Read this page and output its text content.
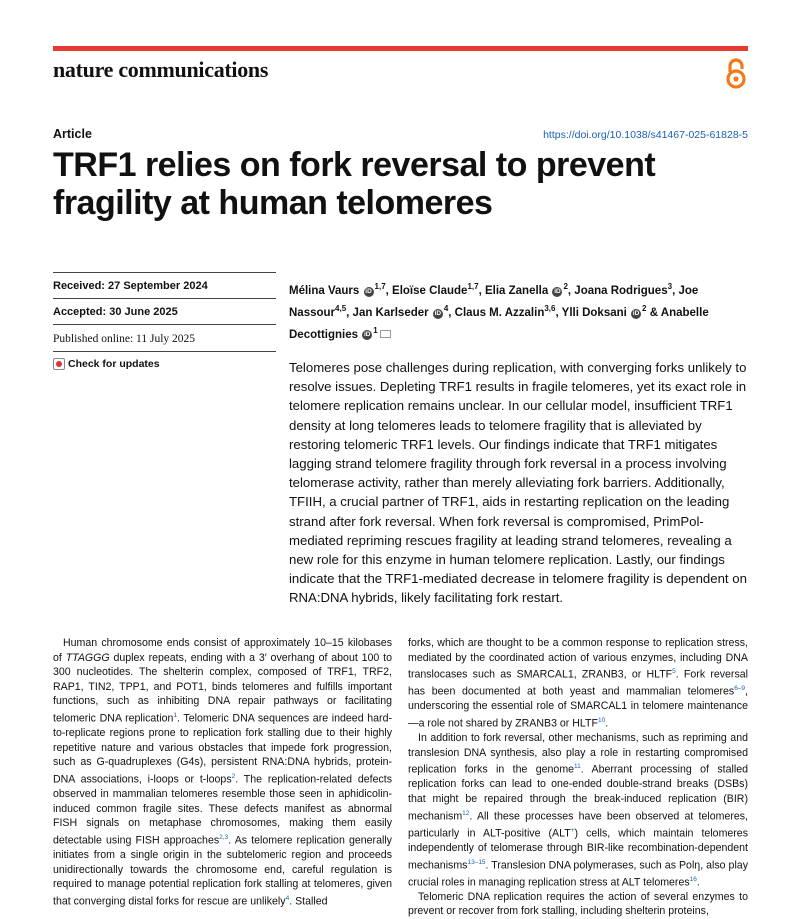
nature communications
Article	https://doi.org/10.1038/s41467-025-61828-5
TRF1 relies on fork reversal to prevent fragility at human telomeres
Received: 27 September 2024
Accepted: 30 June 2025
Published online: 11 July 2025
Check for updates
Mélina Vaurs iD$^{1,7}$, Eloïse Claude$^{1,7}$, Elia Zanella $iD^2$, Joana Rodrigues$^3$, Joe Nassour$^{4,5}$, Jan Karlseder $iD^4$, Claus M. Azzalin$^{3,6}$, Ylli Doksani $iD^2$ & Anabelle Decottignies $iD^1$

Telomeres pose challenges during replication, with converging forks unlikely to resolve issues. Depleting TRF1 results in fragile telomeres, yet its exact role in telomere replication remains unclear. In our cellular model, insufficient TRF1 density at long telomeres leads to telomere fragility that is alleviated by restoring telomeric TRF1 levels. Our findings indicate that TRF1 mitigates lagging strand telomere fragility through fork reversal in a process involving telomerase activity, rather than merely alleviating fork barriers. Additionally, TFIIH, a crucial partner of TRF1, aids in restarting replication on the leading strand after fork reversal. When fork reversal is compromised, PrimPol-mediated repriming rescues fragility at leading strand telomeres, revealing a new role for this enzyme in human telomere replication. Lastly, our findings indicate that the TRF1-mediated decrease in telomere fragility is dependent on RNA:DNA hybrids, likely facilitating fork restart.

Human chromosome ends consist of approximately 10–15 kilobases of TTAGGG duplex repeats, ending with a 3′ overhang of about 100 to 300 nucleotides. The shelterin complex, composed of TRF1, TRF2, RAP1, TIN2, TPP1, and POT1, binds telomeres and fulfills important functions, such as inhibiting DNA repair pathways or facilitating telomeric DNA replication$^1$. Telomeric DNA sequences are indeed hard-to-replicate regions prone to replication fork stalling due to their highly repetitive nature and various obstacles that impede fork progression, such as G-quadruplexes (G4s), persistent RNA:DNA hybrids, protein-DNA associations, i-loops or t-loops$^2$. The replication-related defects observed in mammalian telomeres resemble those seen in aphidicolin-induced common fragile sites. These defects manifest as abnormal FISH signals on metaphase chromosomes, making them easily detectable using FISH approaches$^{2,3}$. As telomere replication generally initiates from a single origin in the subtelomeric region and proceeds unidirectionally towards the chromosome end, careful regulation is required to manage potential replication fork stalling at telomeres, given that converging distal forks for rescue are unlikely$^4$. Stalled

forks, which are thought to be a common response to replication stress, mediated by the coordinated action of various enzymes, including DNA translocases such as SMARCAL1, ZRANB3, or HLTF$^5$. Fork reversal has been documented at both yeast and mammalian telomeres$^{6-9}$, underscoring the essential role of SMARCAL1 in telomere maintenance—a role not shared by ZRANB3 or HLTF$^{10}$.

In addition to fork reversal, other mechanisms, such as repriming and translesion DNA synthesis, also play a role in restarting compromised replication forks in the genome$^{11}$. Aberrant processing of stalled replication forks can lead to one-ended double-strand breaks (DSBs) that might be repaired through the break-induced replication (BIR) mechanism$^{12}$. All these processes have been observed at telomeres, particularly in ALT-positive (ALT+) cells, which maintain telomeres independently of telomerase through BIR-like recombination-dependent mechanisms$^{13-15}$. Translesion DNA polymerases, such as Polη, also play crucial roles in managing replication stress at ALT telomeres$^{16}$.

Telomeric DNA replication requires the action of several enzymes to prevent or recover from fork stalling, including shelterin proteins,
